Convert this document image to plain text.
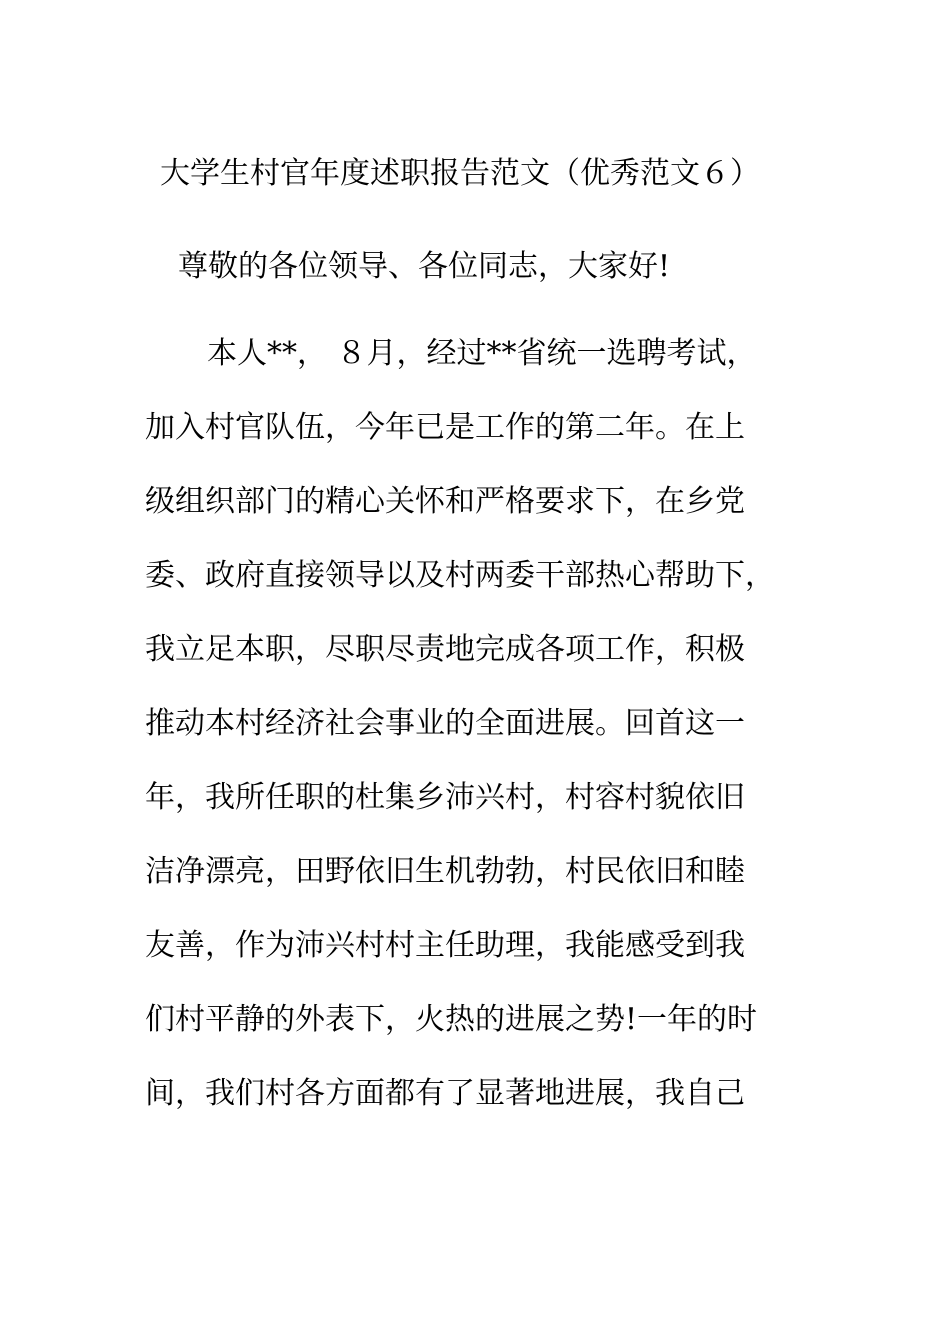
大学生村官年度述职报告范文（优秀范文６）
尊敬的各位领导、各位同志，大家好!
本人**， ８月，经过**省统一选聘考试，
加入村官队伍，今年已是工作的第二年。在上
级组织部门的精心关怀和严格要求下，在乡党
委、政府直接领导以及村两委干部热心帮助下，
我立足本职，尽职尽责地完成各项工作，积极
推动本村经济社会事业的全面进展。回首这一
年，我所任职的杜集乡沛兴村，村容村貌依旧
洁净漂亮，田野依旧生机勃勃，村民依旧和睦
友善，作为沛兴村村主任助理，我能感受到我
们村平静的外表下，火热的进展之势!一年的时
间，我们村各方面都有了显著地进展，我自己
